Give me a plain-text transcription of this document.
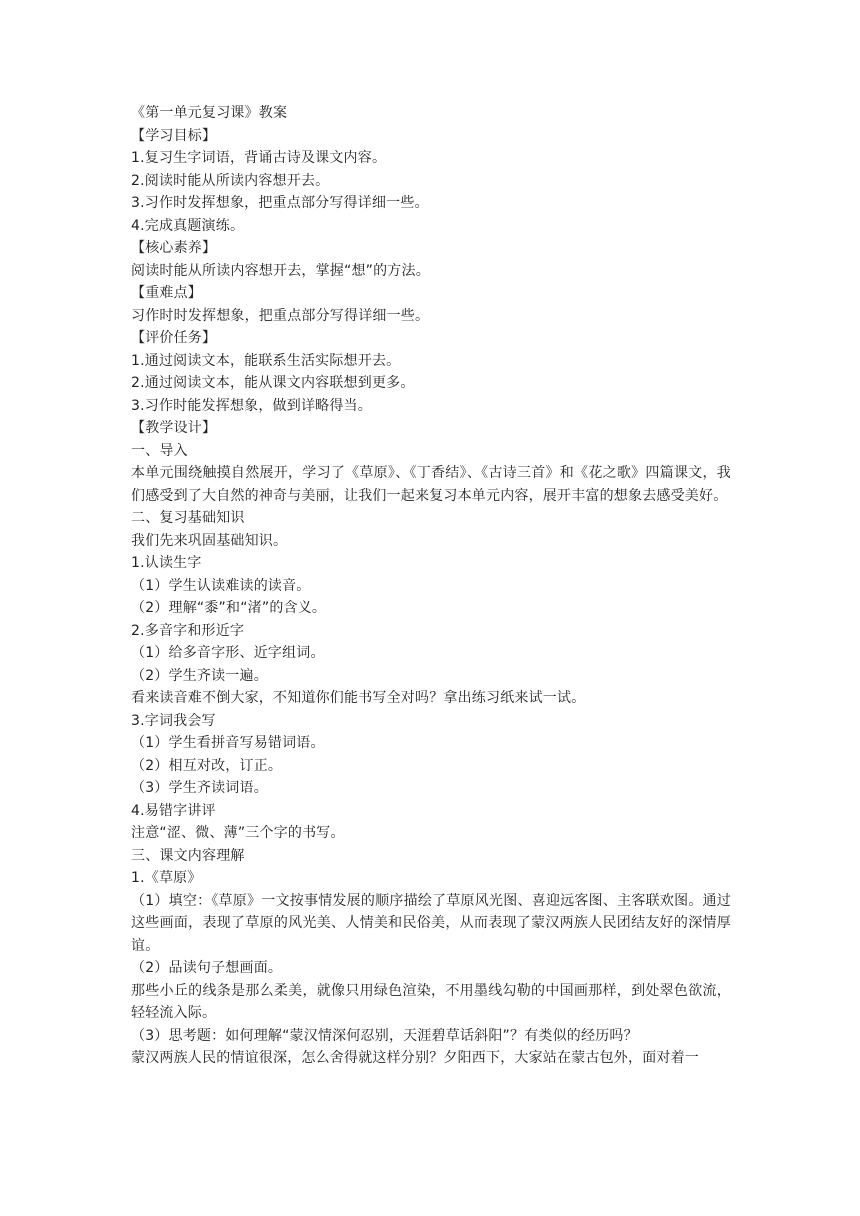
《第一单元复习课》教案
【学习目标】
1.复习生字词语，背诵古诗及课文内容。
2.阅读时能从所读内容想开去。
3.习作时发挥想象，把重点部分写得详细一些。
4.完成真题演练。
【核心素养】
阅读时能从所读内容想开去，掌握“想”的方法。
【重难点】
习作时时发挥想象，把重点部分写得详细一些。
【评价任务】
1.通过阅读文本，能联系生活实际想开去。
2.通过阅读文本，能从课文内容联想到更多。
3.习作时能发挥想象，做到详略得当。
【教学设计】
一、导入
本单元围绕触摸自然展开，学习了《草原》、《丁香结》、《古诗三首》和《花之歌》四篇课文，我们感受到了大自然的神奇与美丽，让我们一起来复习本单元内容，展开丰富的想象去感受美好。
二、复习基础知识
我们先来巩固基础知识。
1.认读生字
（1）学生认读难读的读音。
（2）理解“黍”和“渚”的含义。
2.多音字和形近字
（1）给多音字形、近字组词。
（2）学生齐读一遍。
看来读音难不倒大家，不知道你们能书写全对吗？拿出练习纸来试一试。
3.字词我会写
（1）学生看拼音写易错词语。
（2）相互对改，订正。
（3）学生齐读词语。
4.易错字讲评
注意“涩、微、薄”三个字的书写。
三、课文内容理解
1.《草原》
（1）填空：《草原》一文按事情发展的顺序描绘了草原风光图、喜迎远客图、主客联欢图。通过这些画面，表现了草原的风光美、人情美和民俗美，从而表现了蒙汉两族人民团结友好的深情厚谊。
（2）品读句子想画面。
那些小丘的线条是那么柔美，就像只用绿色渲染，不用墨线勾勒的中国画那样，到处翠色欲流，轻轻流入际。
（3）思考题：如何理解“蒙汉情深何忍别，天涯碧草话斜阳”？有类似的经历吗？
蒙汉两族人民的情谊很深，怎么舍得就这样分别？夕阳西下，大家站在蒙古包外，面对着一
